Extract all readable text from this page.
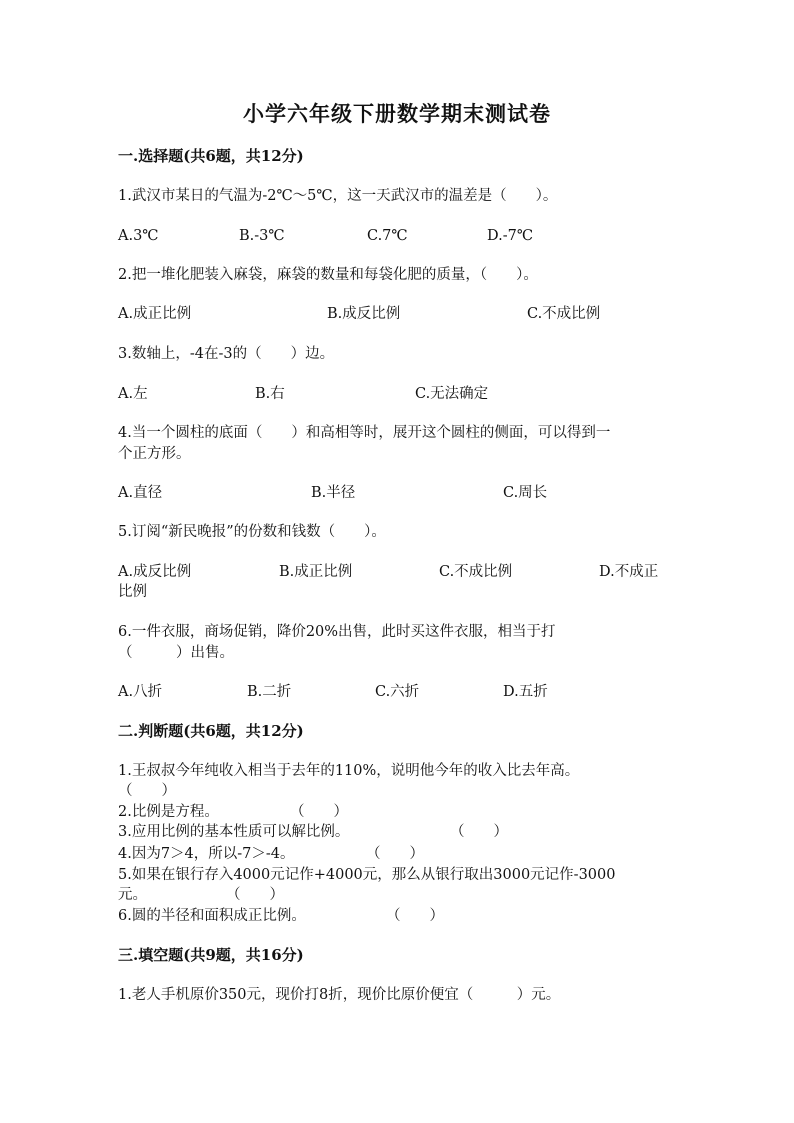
小学六年级下册数学期末测试卷
一.选择题(共6题，共12分)
1.武汉市某日的气温为-2℃～5℃，这一天武汉市的温差是（　　）。
A.3℃	B.-3℃	C.7℃	D.-7℃
2.把一堆化肥装入麻袋，麻袋的数量和每袋化肥的质量，（　　）。
A.成正比例	B.成反比例	C.不成比例
3.数轴上，-4在-3的（　　）边。
A.左	B.右	C.无法确定
4.当一个圆柱的底面（　　）和高相等时，展开这个圆柱的侧面，可以得到一
个正方形。
A.直径	B.半径	C.周长
5.订阅“新民晚报”的份数和钱数（　　）。
A.成反比例	B.成正比例	C.不成比例	D.不成正
比例
6.一件衣服，商场促销，降价20%出售，此时买这件衣服，相当于打
（　　　）出售。
A.八折	B.二折	C.六折	D.五折
二.判断题(共6题，共12分)
1.王叔叔今年纯收入相当于去年的110%，说明他今年的收入比去年高。
（　　）
2.比例是方程。	（　　）
3.应用比例的基本性质可以解比例。	（　　）
4.因为7＞4，所以-7＞-4。	（　　）
5.如果在银行存入4000元记作+4000元，那么从银行取出3000元记作-3000
元。	（　　）
6.圆的半径和面积成正比例。	（　　）
三.填空题(共9题，共16分)
1.老人手机原价350元，现价打8折，现价比原价便宜（　　　）元。
